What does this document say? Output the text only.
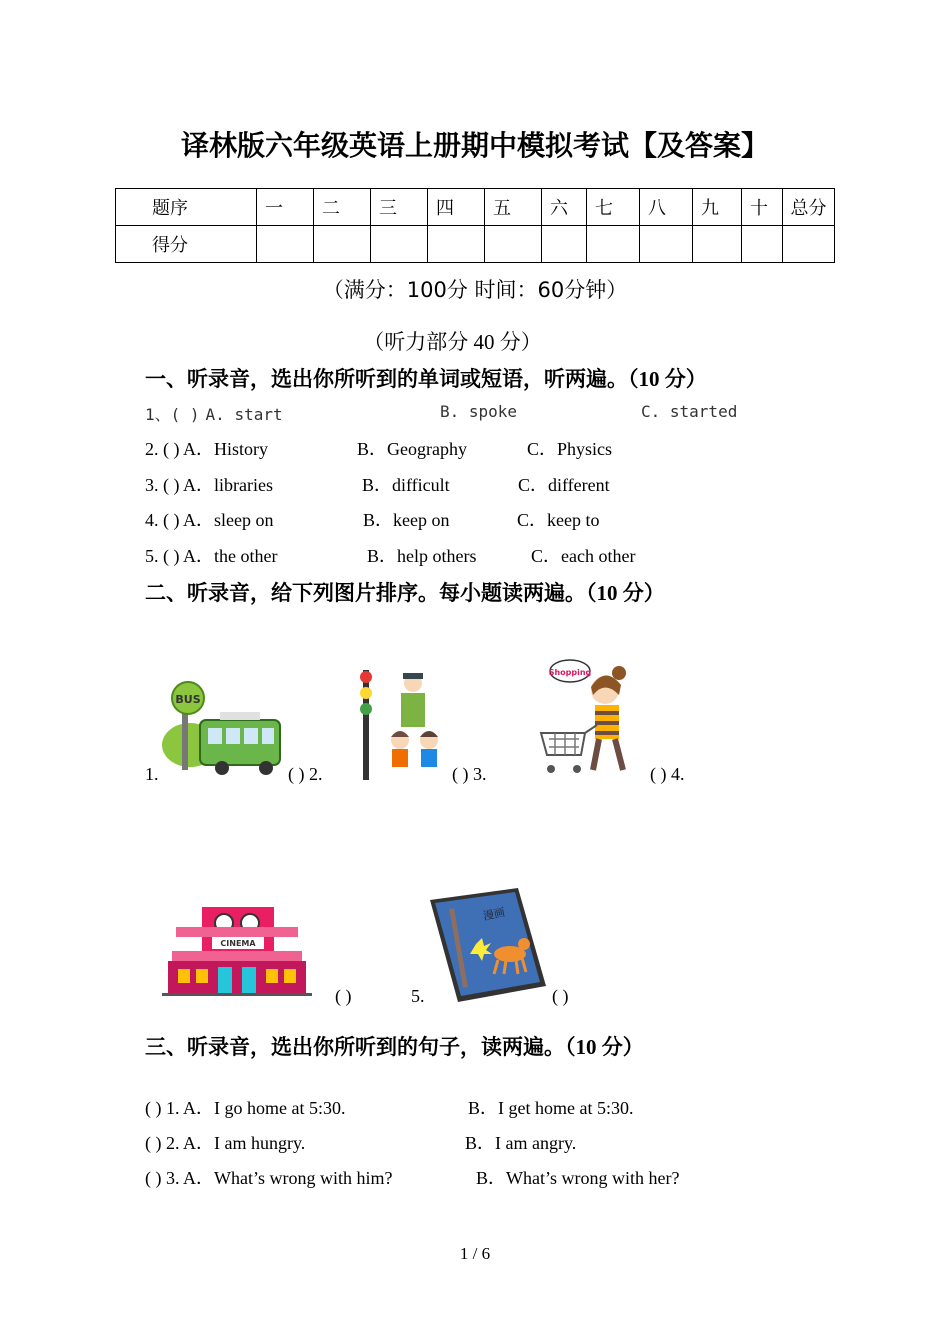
译林版六年级英语上册期中模拟考试【及答案】
题序	一	二	三	四	五	六	七	八	九	十	总分
得分											
（满分：100分 时间：60分钟）
（听力部分 40 分）
一、听录音，选出你所听到的单词或短语，听两遍。（10 分）
1、( ) A. start	B. spoke	C. started
2. ( ) A．History	B．Geography	C．Physics
3. ( ) A．libraries	B．difficult	C．different
4. ( ) A．sleep on	B．keep on	C．keep to
5. ( ) A．the other	B．help others	C．each other
二、听录音，给下列图片排序。每小题读两遍。（10 分）
BUS
Shopping
1.	( ) 2.	( ) 3.	( ) 4.
CINEMA
漫画
( )	5.	( )
三、听录音，选出你所听到的句子，读两遍。（10 分）
( ) 1. A．I go home at 5:30.	B．I get home at 5:30.
( ) 2. A．I am hungry.	B．I am angry.
( ) 3. A．What’s wrong with him?	B．What’s wrong with her?
1 / 6
